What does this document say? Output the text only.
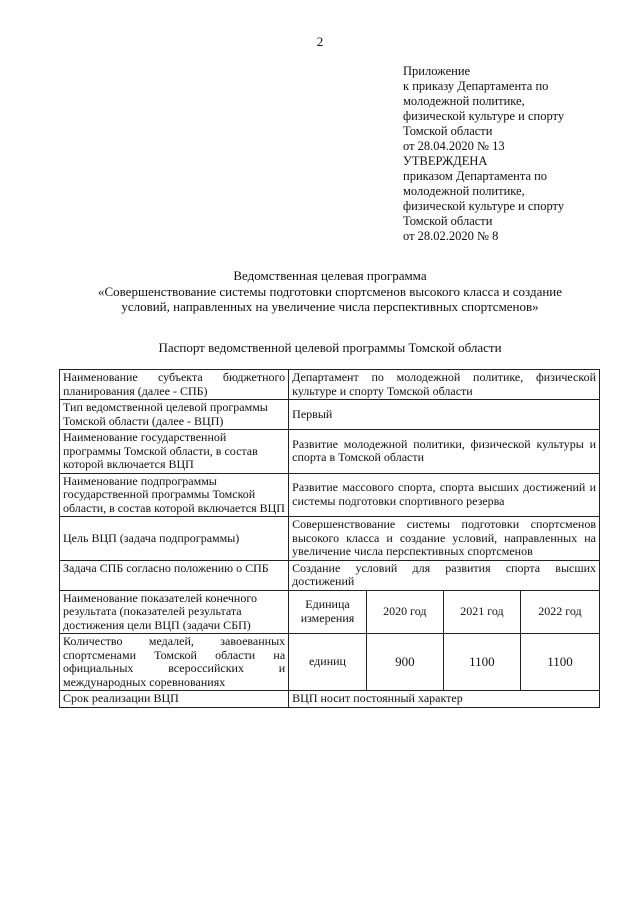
2
Приложение
к приказу Департамента по
молодежной политике,
физической культуре и спорту
Томской области
от 28.04.2020 № 13
УТВЕРЖДЕНА
приказом Департамента по
молодежной политике,
физической культуре и спорту
Томской области
от 28.02.2020 № 8
Ведомственная целевая программа
«Совершенствование системы подготовки спортсменов высокого класса и создание
условий, направленных на увеличение числа перспективных спортсменов»
Паспорт ведомственной целевой программы Томской области
Наименование субъекта бюджетного планирования (далее - СПБ)	Департамент по молодежной политике, физической культуре и спорту Томской области			
Тип ведомственной целевой программы Томской области (далее - ВЦП)	Первый			
Наименование государственной программы Томской области, в состав которой включается ВЦП	Развитие молодежной политики, физической культуры и спорта в Томской области			
Наименование подпрограммы государственной программы Томской области, в состав которой включается ВЦП	Развитие массового спорта, спорта высших достижений и системы подготовки спортивного резерва			
Цель ВЦП (задача подпрограммы)	Совершенствование системы подготовки спортсменов высокого класса и создание условий, направленных на увеличение числа перспективных спортсменов			
Задача СПБ согласно положению о СПБ	Создание условий для развития спорта высших достижений			
Наименование показателей конечного результата (показателей результата достижения цели ВЦП (задачи СБП)	Единица измерения	2020 год	2021 год	2022 год
Количество медалей, завоеванных спортсменами Томской области на официальных всероссийских и международных соревнованиях	единиц	900	1100	1100
Срок реализации ВЦП	ВЦП носит постоянный характер			
